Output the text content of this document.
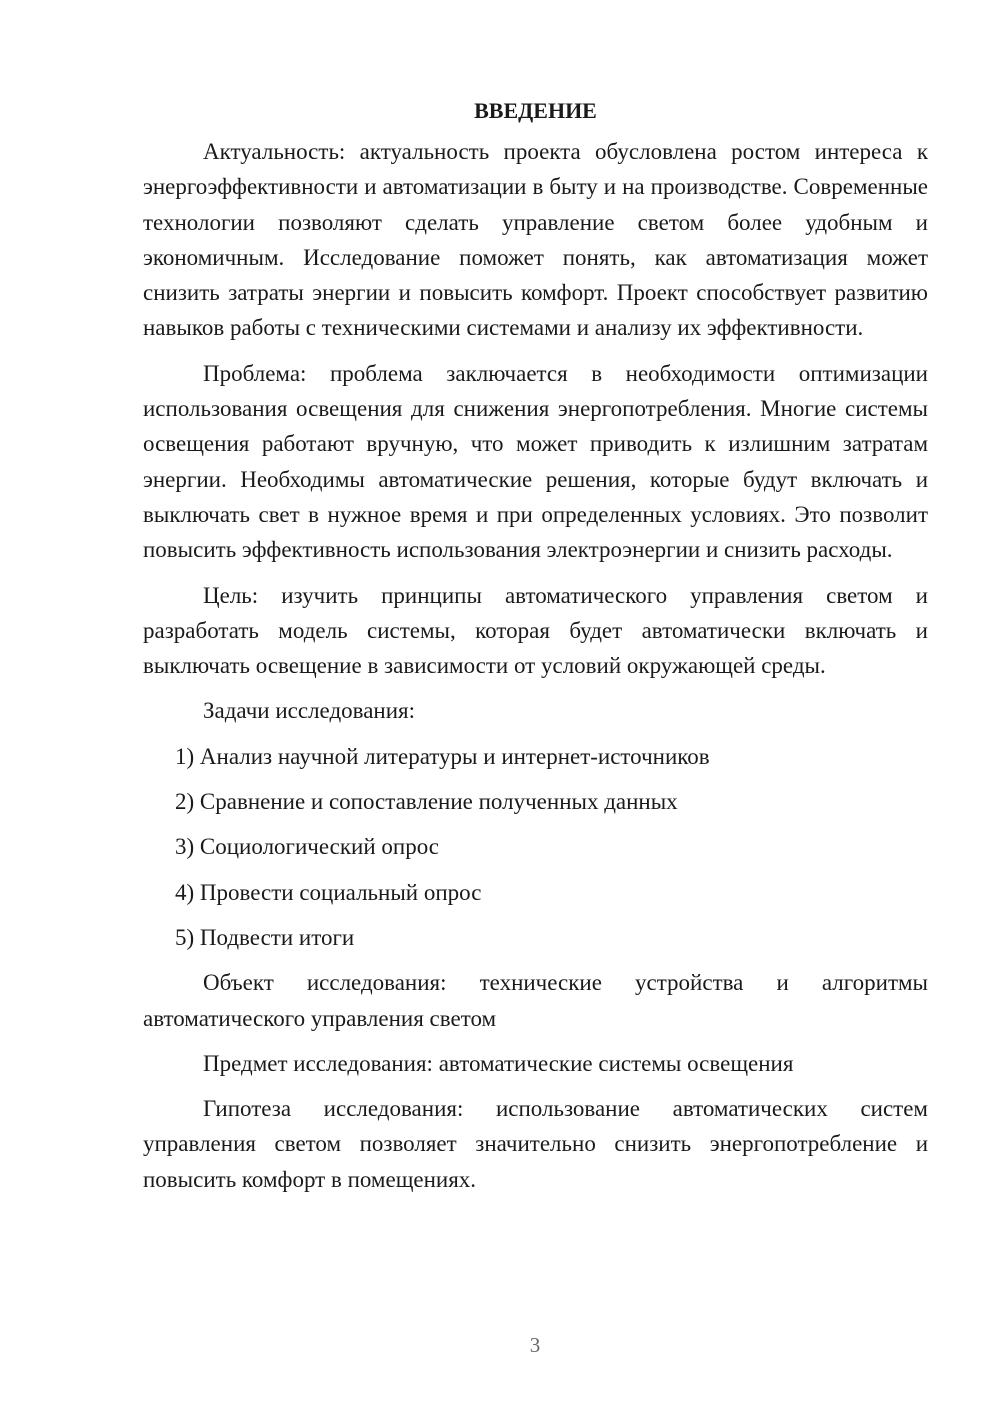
ВВЕДЕНИЕ

Актуальность: актуальность проекта обусловлена ростом интереса к энергоэффективности и автоматизации в быту и на производстве. Современные технологии позволяют сделать управление светом более удобным и экономичным. Исследование поможет понять, как автоматизация может снизить затраты энергии и повысить комфорт. Проект способствует развитию навыков работы с техническими системами и анализу их эффективности.

Проблема: проблема заключается в необходимости оптимизации использования освещения для снижения энергопотребления. Многие системы освещения работают вручную, что может приводить к излишним затратам энергии. Необходимы автоматические решения, которые будут включать и выключать свет в нужное время и при определенных условиях. Это позволит повысить эффективность использования электроэнергии и снизить расходы.

Цель: изучить принципы автоматического управления светом и разработать модель системы, которая будет автоматически включать и выключать освещение в зависимости от условий окружающей среды.

Задачи исследования:

1) Анализ научной литературы и интернет-источников
2) Сравнение и сопоставление полученных данных
3) Социологический опрос
4) Провести социальный опрос
5) Подвести итоги

Объект исследования: технические устройства и алгоритмы автоматического управления светом

Предмет исследования: автоматические системы освещения

Гипотеза исследования: использование автоматических систем управления светом позволяет значительно снизить энергопотребление и повысить комфорт в помещениях.

3
